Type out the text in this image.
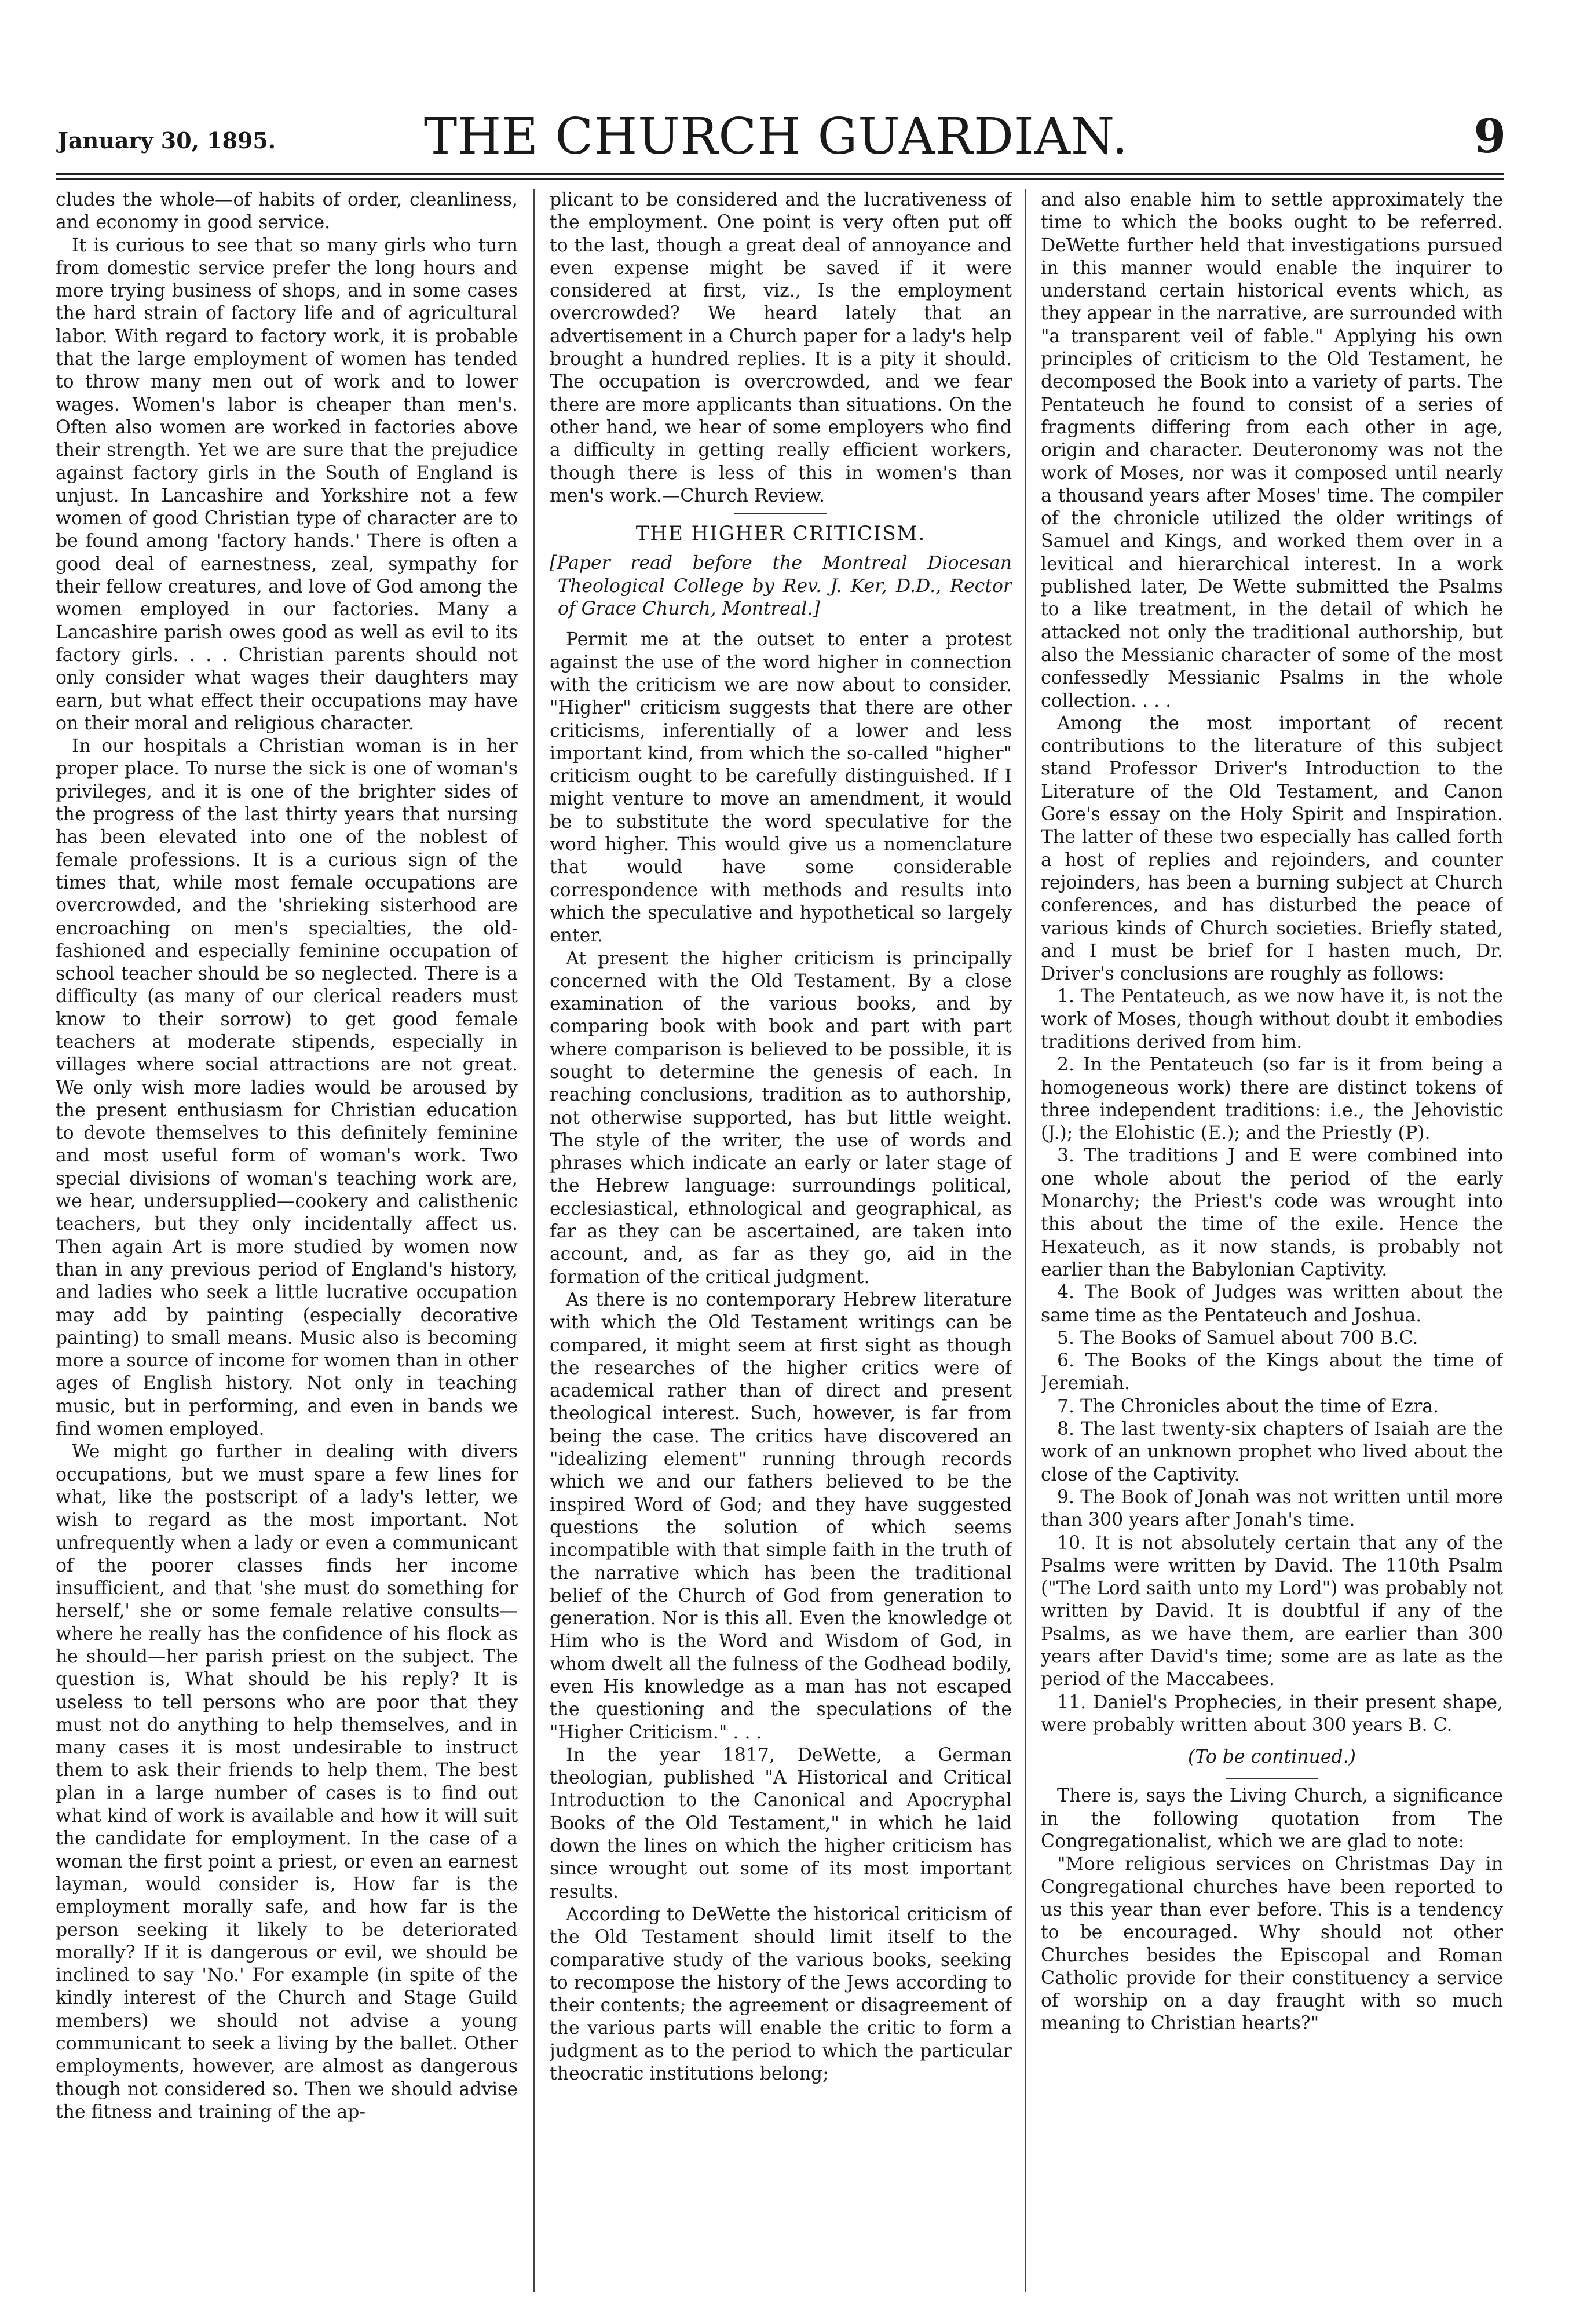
January 30, 1895.	THE CHURCH GUARDIAN.	9

cludes the whole—of habits of order, cleanliness, and economy in good service.

It is curious to see that so many girls who turn from domestic service prefer the long hours and more trying business of shops, and in some cases the hard strain of factory life and of agricultural labor. With regard to factory work, it is probable that the large employment of women has tended to throw many men out of work and to lower wages. Women's labor is cheaper than men's. Often also women are worked in factories above their strength. Yet we are sure that the prejudice against factory girls in the South of England is unjust. In Lancashire and Yorkshire not a few women of good Christian type of character are to be found among 'factory hands.' There is often a good deal of earnestness, zeal, sympathy for their fellow creatures, and love of God among the women employed in our factories. Many a Lancashire parish owes good as well as evil to its factory girls. . . . Christian parents should not only consider what wages their daughters may earn, but what effect their occupations may have on their moral and religious character.

In our hospitals a Christian woman is in her proper place. To nurse the sick is one of woman's privileges, and it is one of the brighter sides of the progress of the last thirty years that nursing has been elevated into one of the noblest of female professions. It is a curious sign of the times that, while most female occupations are overcrowded, and the 'shrieking sisterhood are encroaching on men's specialties, the old-fashioned and especially feminine occupation of school teacher should be so neglected. There is a difficulty (as many of our clerical readers must know to their sorrow) to get good female teachers at moderate stipends, especially in villages where social attractions are not great. We only wish more ladies would be aroused by the present enthusiasm for Christian education to devote themselves to this definitely feminine and most useful form of woman's work. Two special divisions of woman's teaching work are, we hear, undersupplied—cookery and calisthenic teachers, but they only incidentally affect us. Then again Art is more studied by women now than in any previous period of England's history, and ladies who seek a little lucrative occupation may add by painting (especially decorative painting) to small means. Music also is becoming more a source of income for women than in other ages of English history. Not only in teaching music, but in performing, and even in bands we find women employed.

We might go further in dealing with divers occupations, but we must spare a few lines for what, like the postscript of a lady's letter, we wish to regard as the most important. Not unfrequently when a lady or even a communicant of the poorer classes finds her income insufficient, and that 'she must do something for herself,' she or some female relative consults—where he really has the confidence of his flock as he should—her parish priest on the subject. The question is, What should be his reply? It is useless to tell persons who are poor that they must not do anything to help themselves, and in many cases it is most undesirable to instruct them to ask their friends to help them. The best plan in a large number of cases is to find out what kind of work is available and how it will suit the candidate for employment. In the case of a woman the first point a priest, or even an earnest layman, would consider is, How far is the employment morally safe, and how far is the person seeking it likely to be deteriorated morally? If it is dangerous or evil, we should be inclined to say 'No.' For example (in spite of the kindly interest of the Church and Stage Guild members) we should not advise a young communicant to seek a living by the ballet. Other employments, however, are almost as dangerous though not considered so. Then we should advise the fitness and training of the ap-

plicant to be considered and the lucrativeness of the employment. One point is very often put off to the last, though a great deal of annoyance and even expense might be saved if it were considered at first, viz., Is the employment overcrowded? We heard lately that an advertisement in a Church paper for a lady's help brought a hundred replies. It is a pity it should. The occupation is overcrowded, and we fear there are more applicants than situations. On the other hand, we hear of some employers who find a difficulty in getting really efficient workers, though there is less of this in women's than men's work.—Church Review.

THE HIGHER CRITICISM.
[Paper read before the Montreal Diocesan Theological College by Rev. J. Ker, D.D., Rector of Grace Church, Montreal.]

Permit me at the outset to enter a protest against the use of the word higher in connection with the criticism we are now about to consider. "Higher" criticism suggests that there are other criticisms, inferentially of a lower and less important kind, from which the so-called "higher" criticism ought to be carefully distinguished. If I might venture to move an amendment, it would be to substitute the word speculative for the word higher. This would give us a nomenclature that would have some considerable correspondence with methods and results into which the speculative and hypothetical so largely enter.

At present the higher criticism is principally concerned with the Old Testament. By a close examination of the various books, and by comparing book with book and part with part where comparison is believed to be possible, it is sought to determine the genesis of each. In reaching conclusions, tradition as to authorship, not otherwise supported, has but little weight. The style of the writer, the use of words and phrases which indicate an early or later stage of the Hebrew language: surroundings political, ecclesiastical, ethnological and geographical, as far as they can be ascertained, are taken into account, and, as far as they go, aid in the formation of the critical judgment.

As there is no contemporary Hebrew literature with which the Old Testament writings can be compared, it might seem at first sight as though the researches of the higher critics were of academical rather than of direct and present theological interest. Such, however, is far from being the case. The critics have discovered an "idealizing element" running through records which we and our fathers believed to be the inspired Word of God; and they have suggested questions the solution of which seems incompatible with that simple faith in the truth of the narrative which has been the traditional belief of the Church of God from generation to generation. Nor is this all. Even the knowledge ot Him who is the Word and Wisdom of God, in whom dwelt all the fulness of the Godhead bodily, even His knowledge as a man has not escaped the questioning and the speculations of the "Higher Criticism." . . .

In the year 1817, DeWette, a German theologian, published "A Historical and Critical Introduction to the Canonical and Apocryphal Books of the Old Testament," in which he laid down the lines on which the higher criticism has since wrought out some of its most important results.

According to DeWette the historical criticism of the Old Testament should limit itself to the comparative study of the various books, seeking to recompose the history of the Jews according to their contents; the agreement or disagreement of the various parts will enable the critic to form a judgment as to the period to which the particular theocratic institutions belong;

and also enable him to settle approximately the time to which the books ought to be referred. DeWette further held that investigations pursued in this manner would enable the inquirer to understand certain historical events which, as they appear in the narrative, are surrounded with "a transparent veil of fable." Applying his own principles of criticism to the Old Testament, he decomposed the Book into a variety of parts. The Pentateuch he found to consist of a series of fragments differing from each other in age, origin and character. Deuteronomy was not the work of Moses, nor was it composed until nearly a thousand years after Moses' time. The compiler of the chronicle utilized the older writings of Samuel and Kings, and worked them over in a levitical and hierarchical interest. In a work published later, De Wette submitted the Psalms to a like treatment, in the detail of which he attacked not only the traditional authorship, but also the Messianic character of some of the most confessedly Messianic Psalms in the whole collection. . . .

Among the most important of recent contributions to the literature of this subject stand Professor Driver's Introduction to the Literature of the Old Testament, and Canon Gore's essay on the Holy Spirit and Inspiration. The latter of these two especially has called forth a host of replies and rejoinders, and counter rejoinders, has been a burning subject at Church conferences, and has disturbed the peace of various kinds of Church societies. Briefly stated, and I must be brief for I hasten much, Dr. Driver's conclusions are roughly as follows:

1. The Pentateuch, as we now have it, is not the work of Moses, though without doubt it embodies traditions derived from him.

2. In the Pentateuch (so far is it from being a homogeneous work) there are distinct tokens of three independent traditions: i.e., the Jehovistic (J.); the Elohistic (E.); and the Priestly (P).

3. The traditions J and E were combined into one whole about the period of the early Monarchy; the Priest's code was wrought into this about the time of the exile. Hence the Hexateuch, as it now stands, is probably not earlier than the Babylonian Captivity.

4. The Book of Judges was written about the same time as the Pentateuch and Joshua.

5. The Books of Samuel about 700 B.C.

6. The Books of the Kings about the time of Jeremiah.

7. The Chronicles about the time of Ezra.

8. The last twenty-six chapters of Isaiah are the work of an unknown prophet who lived about the close of the Captivity.

9. The Book of Jonah was not written until more than 300 years after Jonah's time.

10. It is not absolutely certain that any of the Psalms were written by David. The 110th Psalm ("The Lord saith unto my Lord") was probably not written by David. It is doubtful if any of the Psalms, as we have them, are earlier than 300 years after David's time; some are as late as the period of the Maccabees.

11. Daniel's Prophecies, in their present shape, were probably written about 300 years B. C.

(To be continued.)

There is, says the Living Church, a significance in the following quotation from The Congregationalist, which we are glad to note:

"More religious services on Christmas Day in Congregational churches have been reported to us this year than ever before. This is a tendency to be encouraged. Why should not other Churches besides the Episcopal and Roman Catholic provide for their constituency a service of worship on a day fraught with so much meaning to Christian hearts?"
